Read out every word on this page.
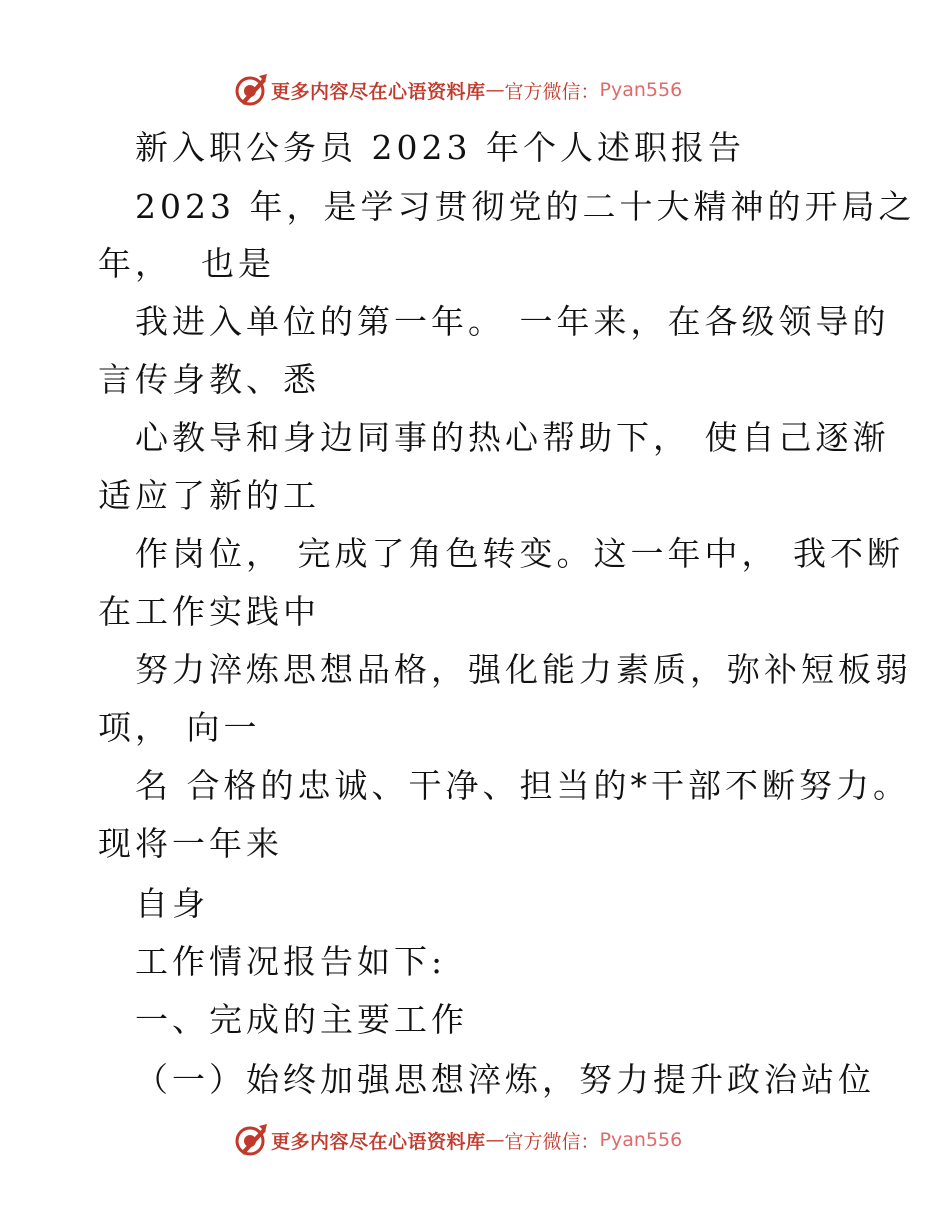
更多内容尽在心语资料库 — 官方微信： Pyan556
新入职公务员 2023 年个人述职报告
2023 年，是学习贯彻党的二十大精神的开局之
年，  也是
我进入单位的第一年。 一年来，在各级领导的
言传身教、悉
心教导和身边同事的热心帮助下， 使自己逐渐
适应了新的工
作岗位， 完成了角色转变。这一年中， 我不断
在工作实践中
努力淬炼思想品格，强化能力素质，弥补短板弱
项， 向一
名 合格的忠诚、干净、担当的*干部不断努力。
现将一年来
自身
工作情况报告如下:
一、完成的主要工作
（一）始终加强思想淬炼，努力提升政治站位
更多内容尽在心语资料库 — 官方微信： Pyan556
